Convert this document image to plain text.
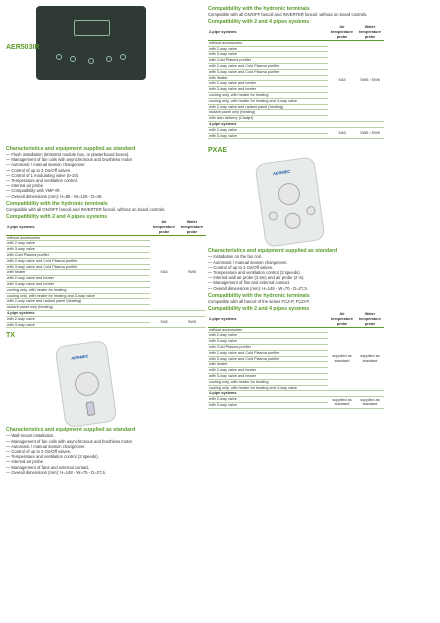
AER503IR
Characteristics and equipment supplied as standard
— Flush installation (503x502 module box, or plasterboard boxes).
— Management of fan coils with asynchronous and brushless motor.
— Automatic / manual season changeover.
— Control of up to 2 On/Off valves.
— Control of 1 modulating valve (0-10).
— Temperature and ventilation control.
— Internal air probe
— Compatibility with VMF-IR.
— Overall dimensions (mm): H=86 - W=125 - D=46.
Compatibility with the hydronic terminals
Compatible with all ON/OFF fancoil and INVERTER fancoil, without on board controls.
Compatibility with 2 and 4 pipes systems
2-pipe systems	Air temperature probe	Water temperature probe
without accessories	SA5	SW5
with 2-way valve		
with 3-way valve		
with Cold Plasma purifier		
with 2-way valve and Cold Plasma purifier		
with 3-way valve and Cold Plasma purifier		
with heater		
with 2-way valve and heater		
with 3-way valve and heater		
cooling only, with heater for heating		
cooling only, with heater for heating and 3-way valve		
with 2-way valve and radiant panel (heating)		
radiant panel only (heating)		
4-pipe systems		
with 2-way valve	SA5	SW5
with 3-way valve		
TX
AERMEC
Characteristics and equipment supplied as standard
— Wall-mount installation.
— Management of fan coils with asynchronous and brushless motor.
— Automatic / manual season changeover.
— Control of up to 2 On/Off valves.
— Temperature and ventilation control (3 speeds).
— Internal air probe
— Management of fans and external contact.
— Overall dimensions (mm): H=148 - W=75 - D=27,5.
Compatibility with the hydronic terminals
Compatible with all ON/OFF fancoil and INVERTER fancoil, without on board controls.
Compatibility with 2 and 4 pipes systems
2-pipe systems	Air temperature probe	Water temperature probe
without accessories	SA5	SW5 / SW6
with 2-way valve		
with 3-way valve		
with Cold Plasma purifier		
with 2-way valve and Cold Plasma purifier		
with 3-way valve and Cold Plasma purifier		
with heater		
with 2-way valve and heater		
with 3-way valve and heater		
cooling only, with heater for heating		
cooling only, with heater for heating and 3-way valve		
with 2-way valve and radiant panel (heating)		
radiant panel only (heating)		
with twin delivery (Cladjet)		
4-pipe systems		
with 2-way valve	SA5	SW5 / SW6
with 3-way valve		
PXAE
AERMEC
Characteristics and equipment supplied as standard
— Installation on the fan coil.
— Automatic / manual season changeover.
— Control of up to 2 On/Off valves.
— Temperature and ventilation control (3 speeds).
— Internal wall air probe (2.5m) and air probe (2 m).
— Management of fins and external contact.
— Overall dimensions (mm): H=148 - W=70 - D=27,5.
Compatibility with the hydronic terminals
Compatible with all fancoil of the series FCZ-P, FCZI-P.
Compatibility with 2 and 4 pipes systems
2-pipe systems	Air temperature probe	Water temperature probe
without accessories	supplied as standard	supplied as standard
with 2-way valve		
with 3-way valve		
with Cold Plasma purifier		
with 2-way valve and Cold Plasma purifier		
with 3-way valve and Cold Plasma purifier		
with heater		
with 2-way valve and heater		
with 3-way valve and heater		
cooling only, with heater for heating		
cooling only, with heater for heating and 3-way valve		
4-pipe systems		
with 2-way valve	supplied as standard	supplied as standard
with 3-way valve		
